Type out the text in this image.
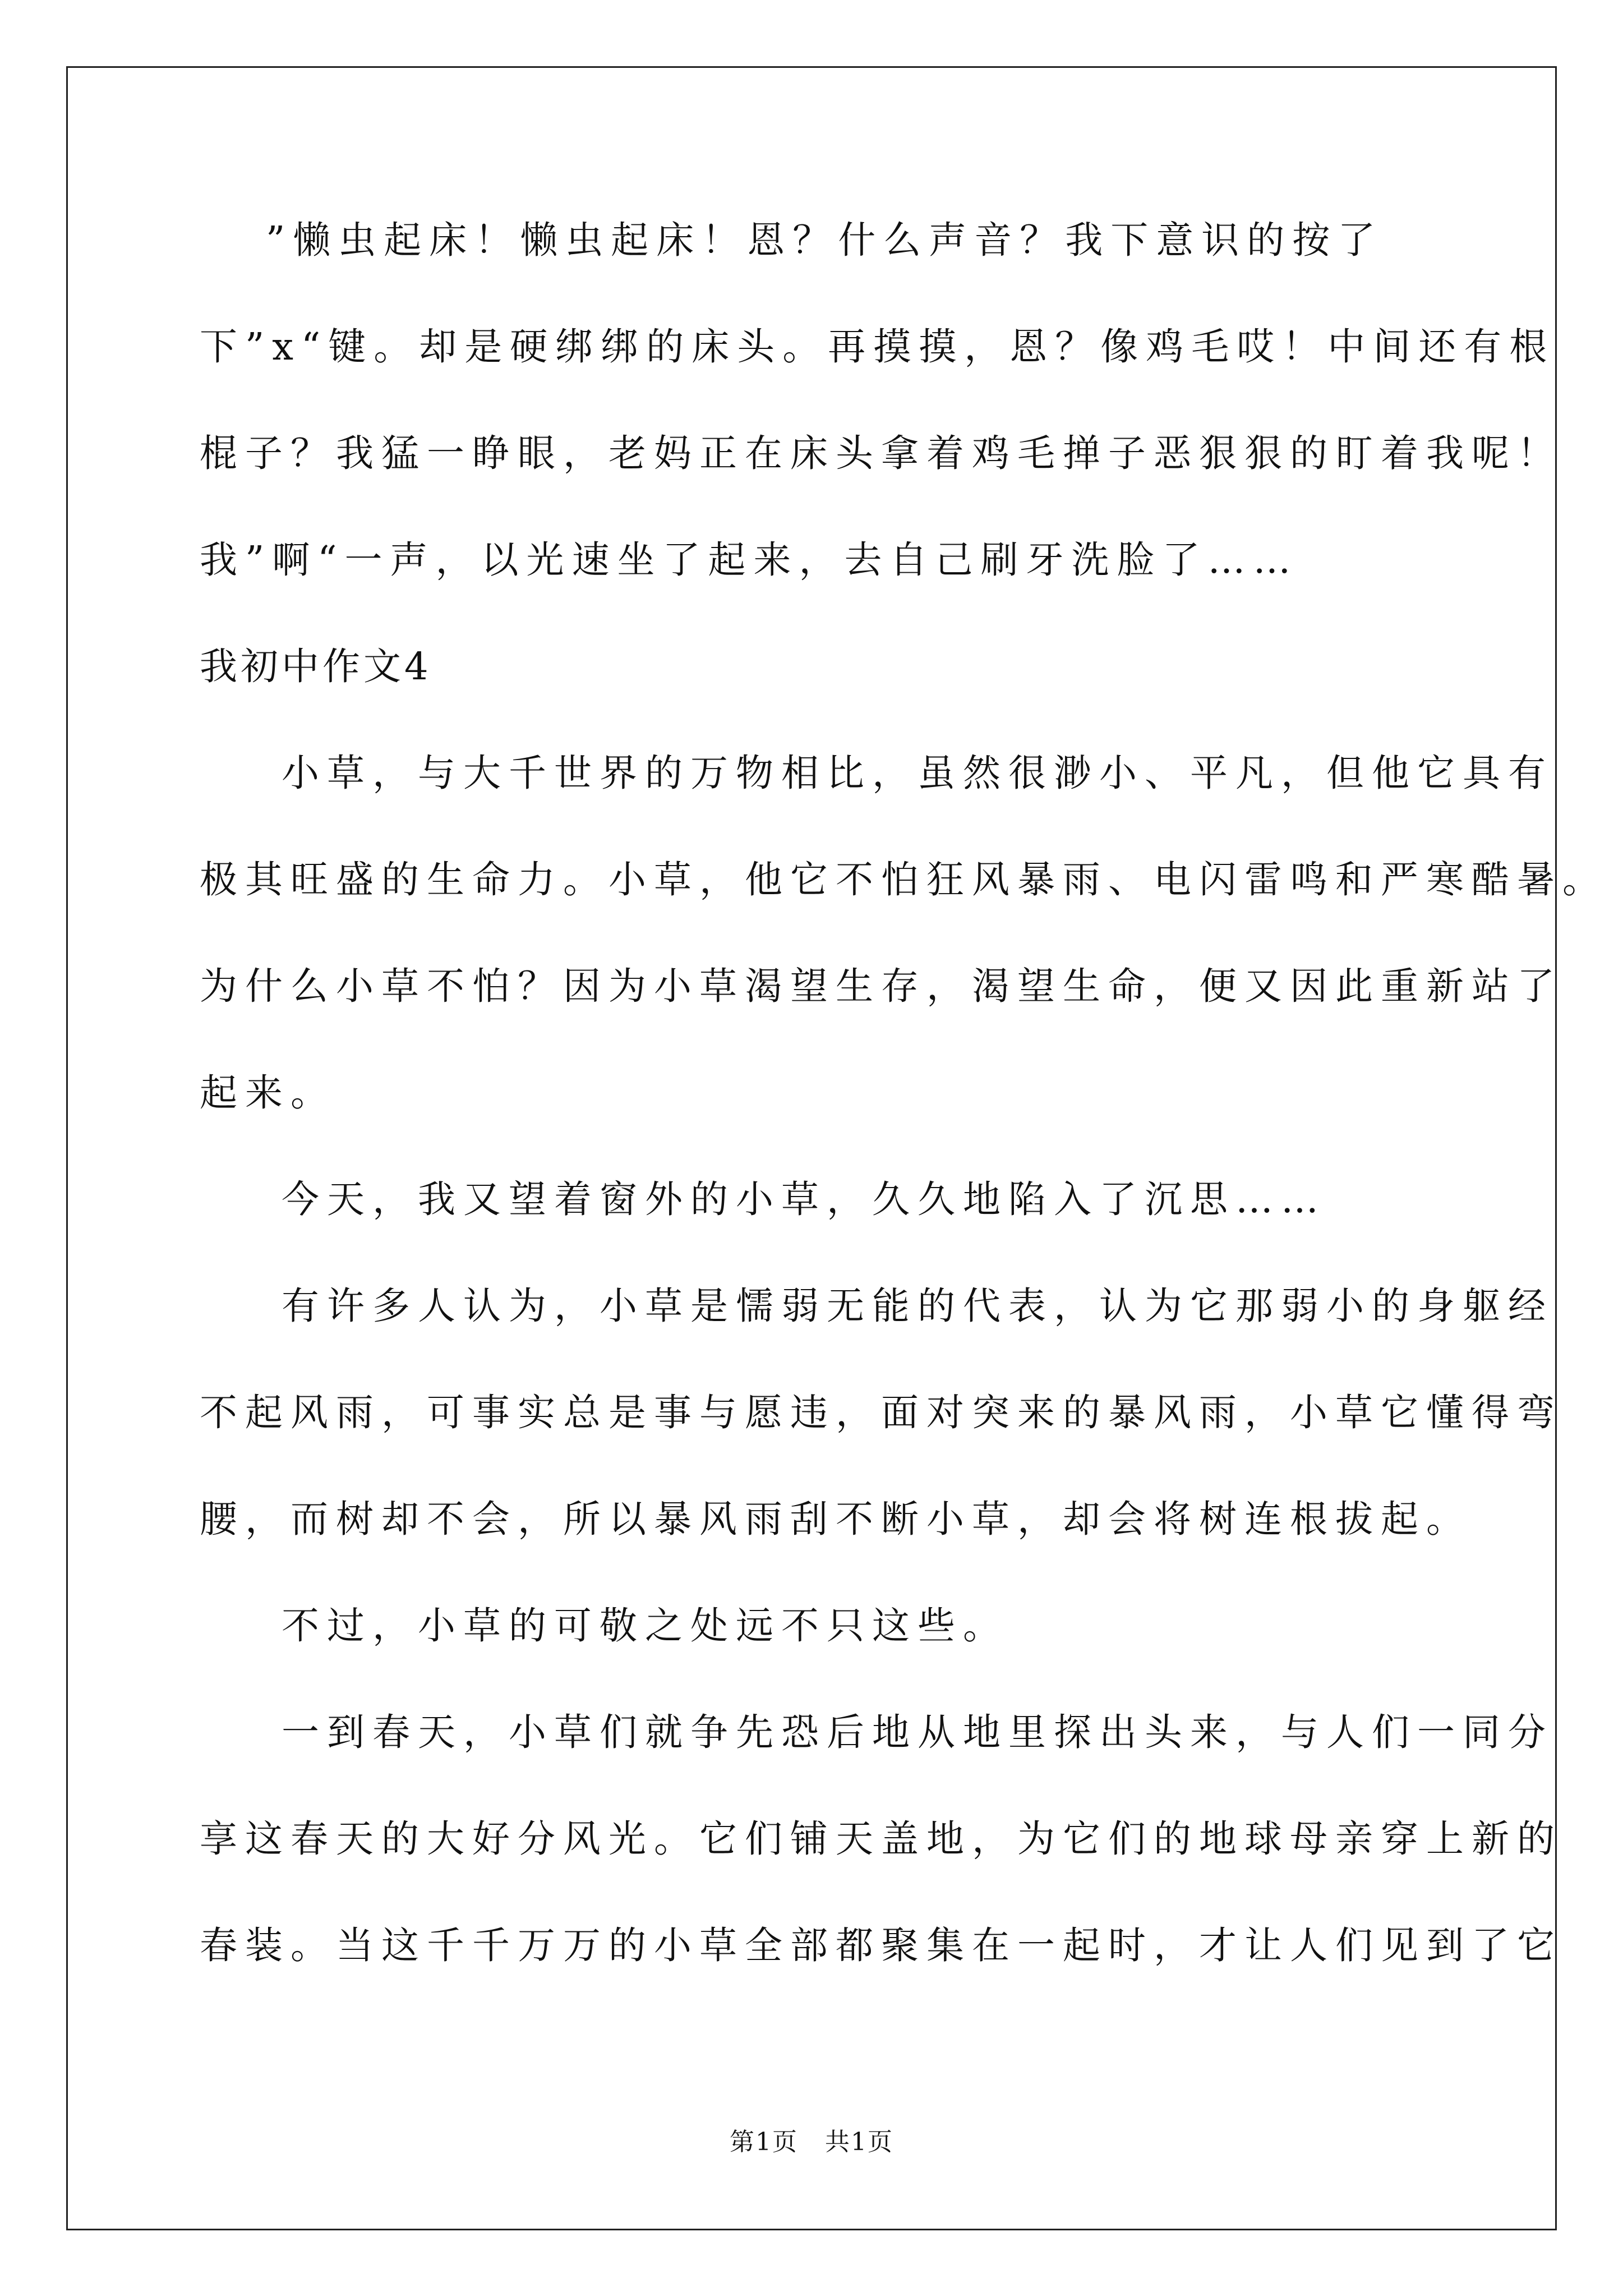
”懒虫起床！懒虫起床！恩？什么声音？我下意识的按了
下”x“键。却是硬绑绑的床头。再摸摸，恩？像鸡毛哎！中间还有根
棍子？我猛一睁眼，老妈正在床头拿着鸡毛掸子恶狠狠的盯着我呢！
我”啊“一声，以光速坐了起来，去自己刷牙洗脸了……
我初中作文4
小草，与大千世界的万物相比，虽然很渺小、平凡，但他它具有
极其旺盛的生命力。小草，他它不怕狂风暴雨、电闪雷鸣和严寒酷暑。
为什么小草不怕？因为小草渴望生存，渴望生命，便又因此重新站了
起来。
今天，我又望着窗外的小草，久久地陷入了沉思……
有许多人认为，小草是懦弱无能的代表，认为它那弱小的身躯经
不起风雨，可事实总是事与愿违，面对突来的暴风雨，小草它懂得弯
腰，而树却不会，所以暴风雨刮不断小草，却会将树连根拔起。
不过，小草的可敬之处远不只这些。
一到春天，小草们就争先恐后地从地里探出头来，与人们一同分
享这春天的大好分风光。它们铺天盖地，为它们的地球母亲穿上新的
春装。当这千千万万的小草全部都聚集在一起时，才让人们见到了它
第1页   共1页
